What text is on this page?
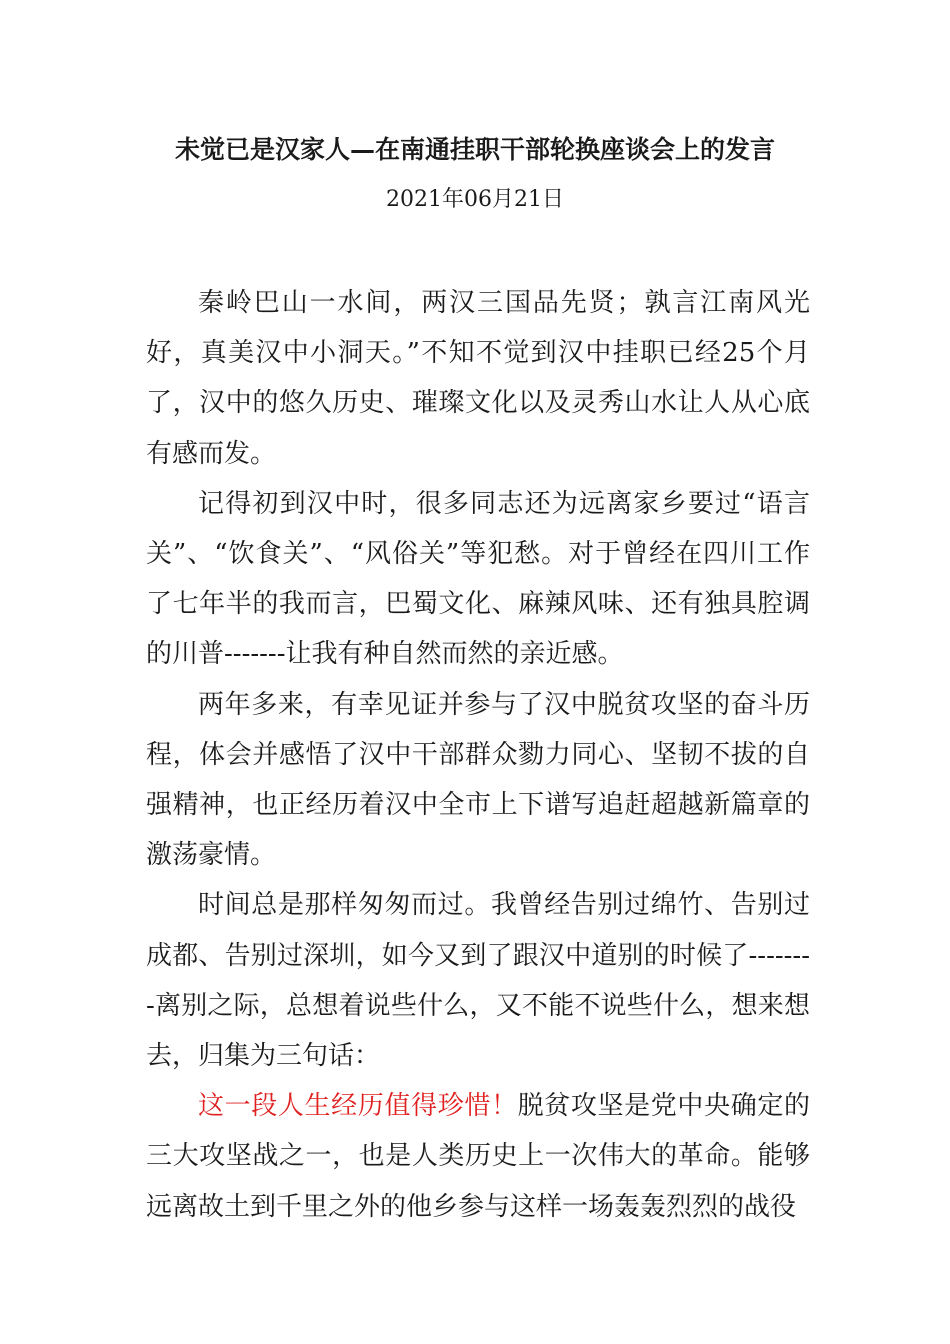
未觉已是汉家人—在南通挂职干部轮换座谈会上的发言
2021年06月21日

秦岭巴山一水间，两汉三国品先贤；孰言江南风光好，真美汉中小洞天。”不知不觉到汉中挂职已经25个月了，汉中的悠久历史、璀璨文化以及灵秀山水让人从心底有感而发。

记得初到汉中时，很多同志还为远离家乡要过“语言关”、“饮食关”、“风俗关”等犯愁。对于曾经在四川工作了七年半的我而言，巴蜀文化、麻辣风味、还有独具腔调的川普-------让我有种自然而然的亲近感。

两年多来，有幸见证并参与了汉中脱贫攻坚的奋斗历程，体会并感悟了汉中干部群众勠力同心、坚韧不拔的自强精神，也正经历着汉中全市上下谱写追赶超越新篇章的激荡豪情。

时间总是那样匆匆而过。我曾经告别过绵竹、告别过成都、告别过深圳，如今又到了跟汉中道别的时候了--------离别之际，总想着说些什么，又不能不说些什么，想来想去，归集为三句话：

这一段人生经历值得珍惜！脱贫攻坚是党中央确定的三大攻坚战之一，也是人类历史上一次伟大的革命。能够远离故土到千里之外的他乡参与这样一场轰轰烈烈的战役
